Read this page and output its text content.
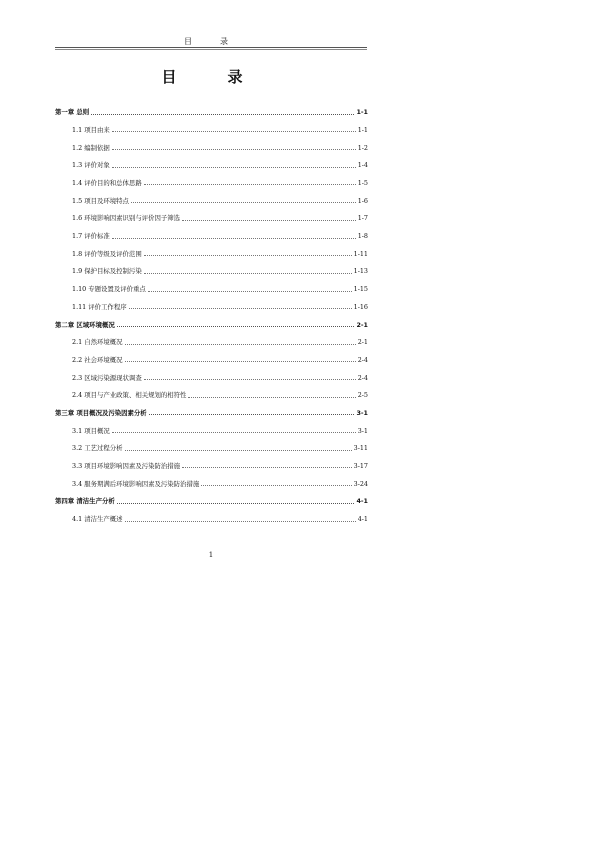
目　录
目　录
第一章 总则	1-1
1.1 项目由来	1-1
1.2 编制依据	1-2
1.3 评价对象	1-4
1.4 评价目的和总体思路	1-5
1.5 项目及环境特点	1-6
1.6 环境影响因素识别与评价因子筛选	1-7
1.7 评价标准	1-8
1.8 评价等级及评价范围	1-11
1.9 保护目标及控制污染	1-13
1.10 专题设置及评价重点	1-15
1.11 评价工作程序	1-16
第二章 区域环境概况	2-1
2.1 自然环境概况	2-1
2.2 社会环境概况	2-4
2.3 区域污染源现状调查	2-4
2.4 项目与产业政策、相关规划的相符性	2-5
第三章 项目概况及污染因素分析	3-1
3.1 项目概况	3-1
3.2 工艺过程分析	3-11
3.3 项目环境影响因素及污染防治措施	3-17
3.4 服务期满后环境影响因素及污染防治措施	3-24
第四章 清洁生产分析	4-1
4.1 清洁生产概述	4-1
1
